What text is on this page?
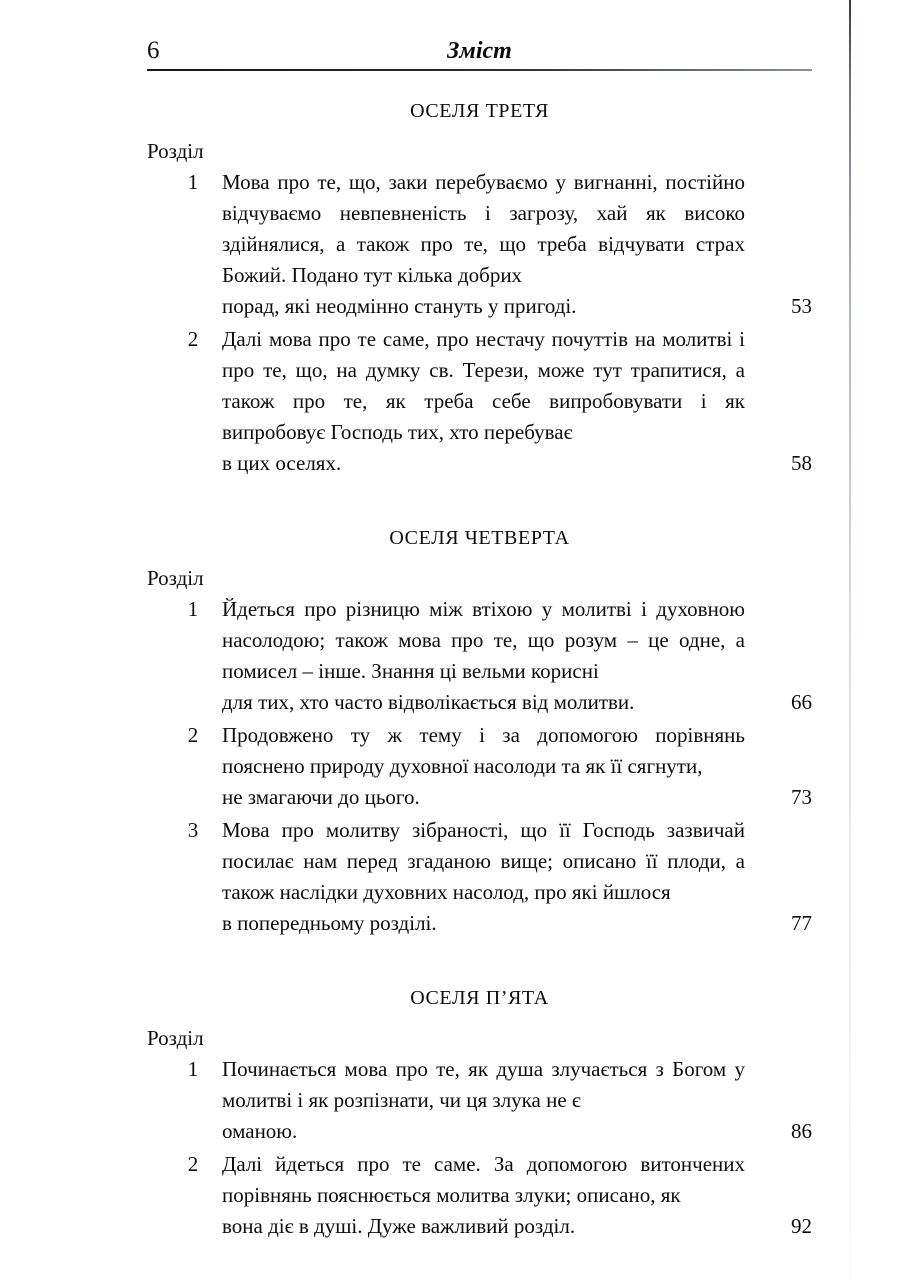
6	Зміст
ОСЕЛЯ ТРЕТЯ
Розділ
1 Мова про те, що, заки перебуваємо у вигнанні, постійно відчуваємо невпевненість і загрозу, хай як високо здійнялися, а також про те, що треба відчувати страх Божий. Подано тут кілька добрих
порад, які неодмінно стануть у пригоді.	53
2 Далі мова про те саме, про нестачу почуттів на молитві і про те, що, на думку св. Терези, може тут трапитися, а також про те, як треба себе випробовувати і як випробовує Господь тих, хто перебуває
в цих оселях.	58
ОСЕЛЯ ЧЕТВЕРТА
Розділ
1 Йдеться про різницю між втіхою у молитві і духовною насолодою; також мова про те, що розум – це одне, а помисел – інше. Знання ці вельми корисні
для тих, хто часто відволікається від молитви.	66
2 Продовжено ту ж тему і за допомогою порівнянь пояснено природу духовної насолоди та як її сягнути,
не змагаючи до цього.	73
3 Мова про молитву зібраності, що її Господь зазвичай посилає нам перед згаданою вище; описано її плоди, а також наслідки духовних насолод, про які йшлося
в попередньому розділі.	77
ОСЕЛЯ П’ЯТА
Розділ
1 Починається мова про те, як душа злучається з Богом у молитві і як розпізнати, чи ця злука не є
оманою.	86
2 Далі йдеться про те саме. За допомогою витончених порівнянь пояснюється молитва злуки; описано, як
вона діє в душі. Дуже важливий розділ.	92
